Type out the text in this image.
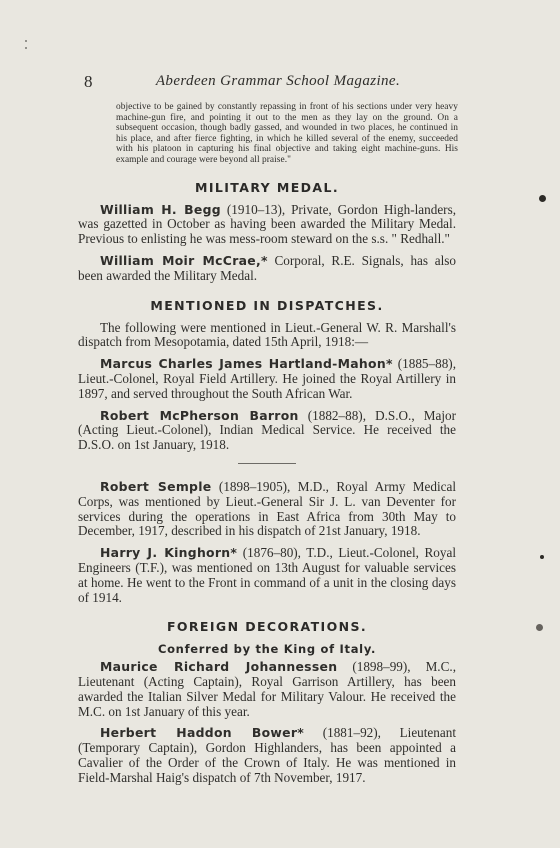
8	Aberdeen Grammar School Magazine.
objective to be gained by constantly repassing in front of his sections under very heavy machine-gun fire, and pointing it out to the men as they lay on the ground. On a subsequent occasion, though badly gassed, and wounded in two places, he continued in his place, and after fierce fighting, in which he killed several of the enemy, succeeded with his platoon in capturing his final objective and taking eight machine-guns. His example and courage were beyond all praise."
MILITARY MEDAL.

William H. Begg (1910–13), Private, Gordon High-landers, was gazetted in October as having been awarded the Military Medal. Previous to enlisting he was mess-room steward on the s.s. " Redhall."

William Moir McCrae,* Corporal, R.E. Signals, has also been awarded the Military Medal.

MENTIONED IN DISPATCHES.

The following were mentioned in Lieut.-General W. R. Marshall's dispatch from Mesopotamia, dated 15th April, 1918:—

Marcus Charles James Hartland-Mahon* (1885–88), Lieut.-Colonel, Royal Field Artillery. He joined the Royal Artillery in 1897, and served throughout the South African War.

Robert McPherson Barron (1882–88), D.S.O., Major (Acting Lieut.-Colonel), Indian Medical Service. He received the D.S.O. on 1st January, 1918.

Robert Semple (1898–1905), M.D., Royal Army Medical Corps, was mentioned by Lieut.-General Sir J. L. van Deventer for services during the operations in East Africa from 30th May to December, 1917, described in his dispatch of 21st January, 1918.

Harry J. Kinghorn* (1876–80), T.D., Lieut.-Colonel, Royal Engineers (T.F.), was mentioned on 13th August for valuable services at home. He went to the Front in command of a unit in the closing days of 1914.

FOREIGN DECORATIONS.
Conferred by the King of Italy.

Maurice Richard Johannessen (1898–99), M.C., Lieutenant (Acting Captain), Royal Garrison Artillery, has been awarded the Italian Silver Medal for Military Valour. He received the M.C. on 1st January of this year.

Herbert Haddon Bower* (1881–92), Lieutenant (Temporary Captain), Gordon Highlanders, has been appointed a Cavalier of the Order of the Crown of Italy. He was mentioned in Field-Marshal Haig's dispatch of 7th November, 1917.
